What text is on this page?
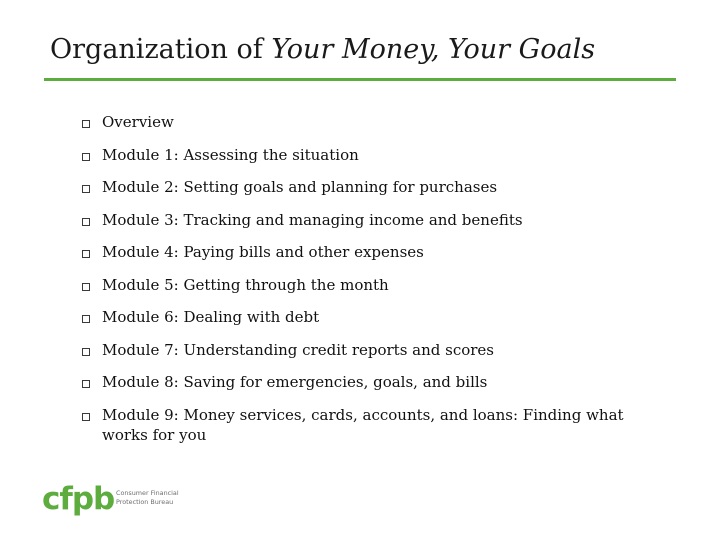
Organization of Your Money, Your Goals
Overview
Module 1: Assessing the situation
Module 2: Setting goals and planning for purchases
Module 3: Tracking and managing income and benefits
Module 4: Paying bills and other expenses
Module 5: Getting through the month
Module 6: Dealing with debt
Module 7: Understanding credit reports and scores
Module 8: Saving for emergencies, goals, and bills
Module 9: Money services, cards, accounts, and loans: Finding what works for you
cfpb Consumer Financial
Protection Bureau
